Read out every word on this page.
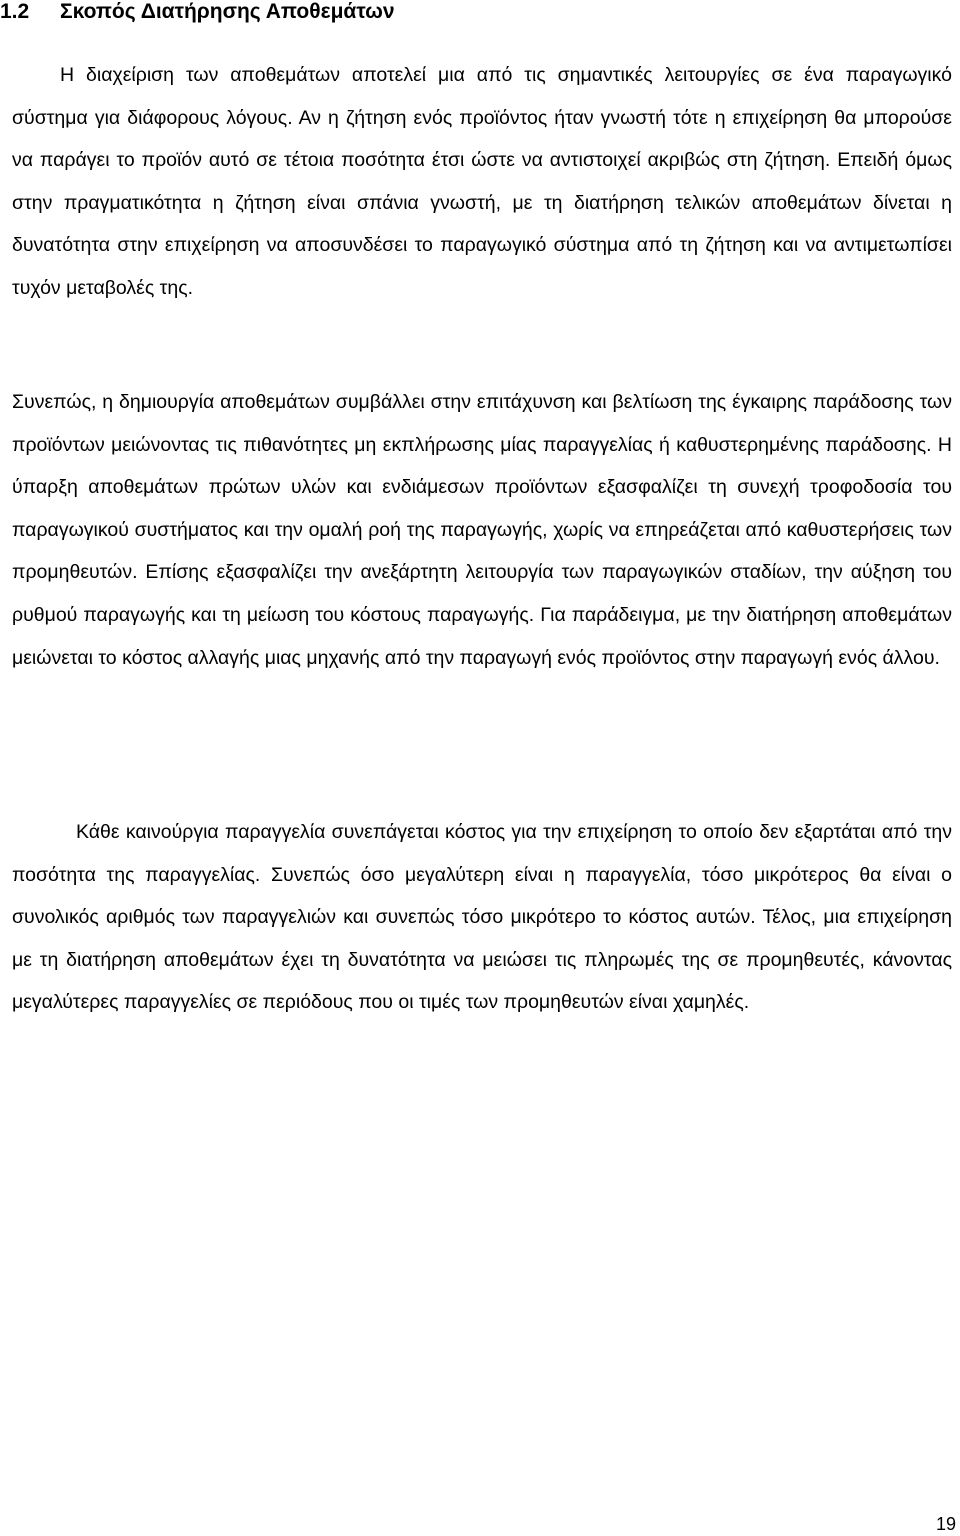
1.2 Σκοπός Διατήρησης Αποθεμάτων

Η διαχείριση των αποθεμάτων αποτελεί μια από τις σημαντικές λειτουργίες σε ένα παραγωγικό σύστημα για διάφορους λόγους. Αν η ζήτηση ενός προϊόντος ήταν γνωστή τότε η επιχείρηση θα μπορούσε να παράγει το προϊόν αυτό σε τέτοια ποσότητα έτσι ώστε να αντιστοιχεί ακριβώς στη ζήτηση. Επειδή όμως στην πραγματικότητα η ζήτηση είναι σπάνια γνωστή, με τη διατήρηση τελικών αποθεμάτων δίνεται η δυνατότητα στην επιχείρηση να αποσυνδέσει το παραγωγικό σύστημα από τη ζήτηση και να αντιμετωπίσει τυχόν μεταβολές της.

Συνεπώς, η δημιουργία αποθεμάτων συμβάλλει στην επιτάχυνση και βελτίωση της έγκαιρης παράδοσης των προϊόντων μειώνοντας τις πιθανότητες μη εκπλήρωσης μίας παραγγελίας ή καθυστερημένης παράδοσης. Η ύπαρξη αποθεμάτων πρώτων υλών και ενδιάμεσων προϊόντων εξασφαλίζει τη συνεχή τροφοδοσία του παραγωγικού συστήματος και την ομαλή ροή της παραγωγής, χωρίς να επηρεάζεται από καθυστερήσεις των προμηθευτών. Επίσης εξασφαλίζει την ανεξάρτητη λειτουργία των παραγωγικών σταδίων, την αύξηση του ρυθμού παραγωγής και τη μείωση του κόστους παραγωγής. Για παράδειγμα, με την διατήρηση αποθεμάτων μειώνεται το κόστος αλλαγής μιας μηχανής από την παραγωγή ενός προϊόντος στην παραγωγή ενός άλλου.

Κάθε καινούργια παραγγελία συνεπάγεται κόστος για την επιχείρηση το οποίο δεν εξαρτάται από την ποσότητα της παραγγελίας. Συνεπώς όσο μεγαλύτερη είναι η παραγγελία, τόσο μικρότερος θα είναι ο συνολικός αριθμός των παραγγελιών και συνεπώς τόσο μικρότερο το κόστος αυτών. Τέλος, μια επιχείρηση με τη διατήρηση αποθεμάτων έχει τη δυνατότητα να μειώσει τις πληρωμές της σε προμηθευτές, κάνοντας μεγαλύτερες παραγγελίες σε περιόδους που οι τιμές των προμηθευτών είναι χαμηλές.

19
